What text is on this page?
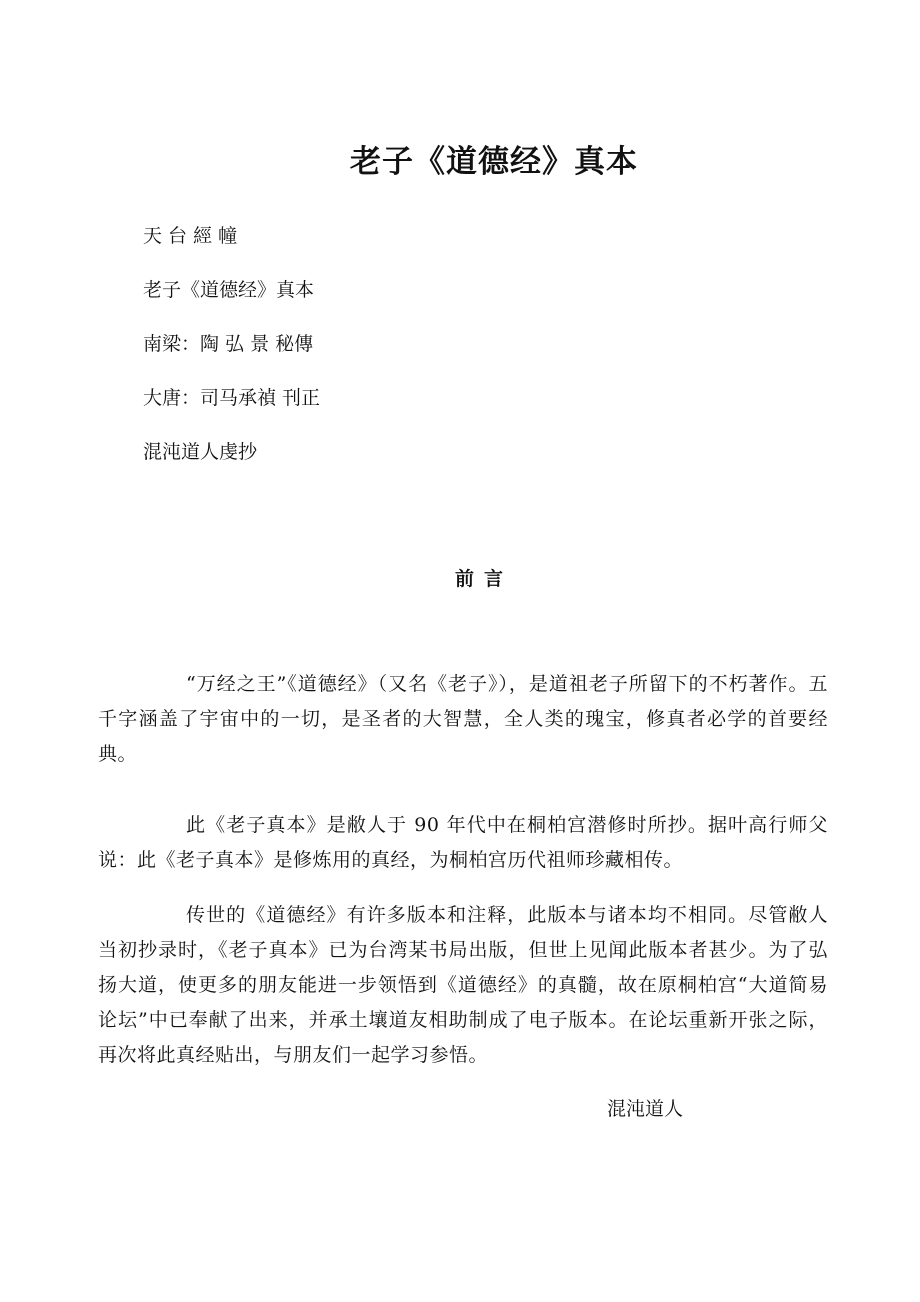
老子《道德经》真本
天 台 經 幢
老子《道德经》真本
南梁：陶 弘 景 秘傳
大唐：司马承禎 刊正
混沌道人虔抄
前言

“万经之王”《道德经》（又名《老子》），是道祖老子所留下的不朽著作。五千字涵盖了宇宙中的一切，是圣者的大智慧，全人类的瑰宝，修真者必学的首要经典。

此《老子真本》是敝人于 90 年代中在桐柏宫潜修时所抄。据叶高行师父说：此《老子真本》是修炼用的真经，为桐柏宫历代祖师珍藏相传。

传世的《道德经》有许多版本和注释，此版本与诸本均不相同。尽管敝人当初抄录时，《老子真本》已为台湾某书局出版，但世上见闻此版本者甚少。为了弘扬大道，使更多的朋友能进一步领悟到《道德经》的真髓，故在原桐柏宫“大道简易论坛”中已奉献了出来，并承土壤道友相助制成了电子版本。在论坛重新开张之际，再次将此真经贴出，与朋友们一起学习参悟。

混沌道人
